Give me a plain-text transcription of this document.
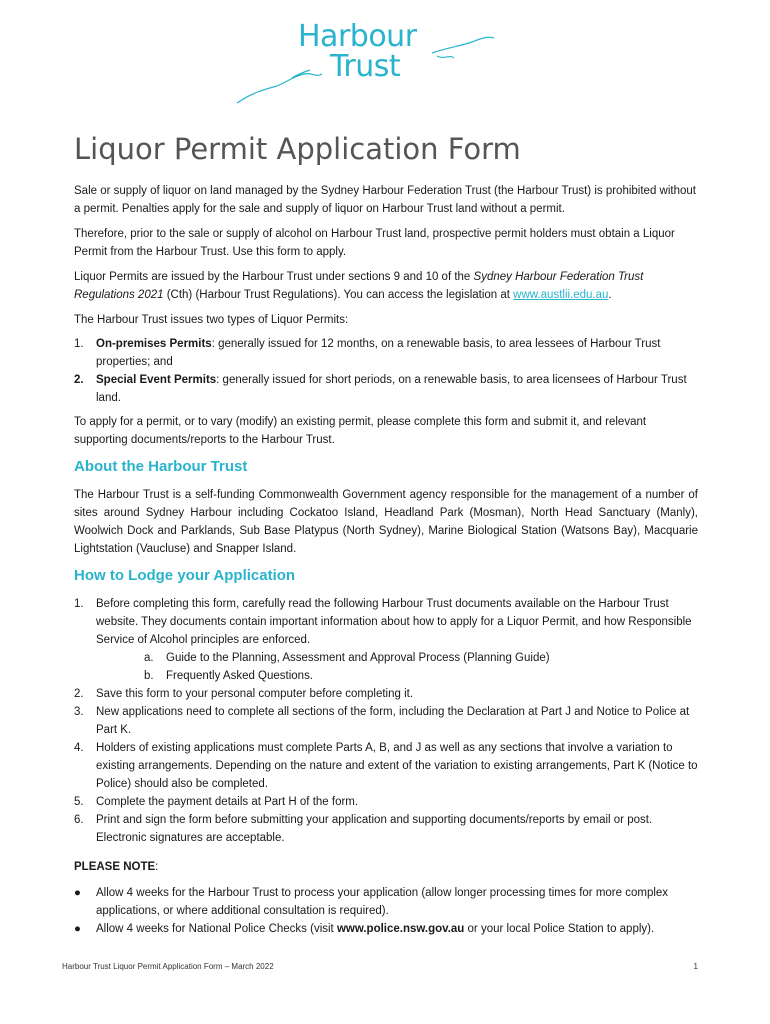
Harbour
Trust
Liquor Permit Application Form
Sale or supply of liquor on land managed by the Sydney Harbour Federation Trust (the Harbour Trust) is prohibited without a permit. Penalties apply for the sale and supply of liquor on Harbour Trust land without a permit.
Therefore, prior to the sale or supply of alcohol on Harbour Trust land, prospective permit holders must obtain a Liquor Permit from the Harbour Trust. Use this form to apply.
Liquor Permits are issued by the Harbour Trust under sections 9 and 10 of the Sydney Harbour Federation Trust Regulations 2021 (Cth) (Harbour Trust Regulations). You can access the legislation at www.austlii.edu.au.
The Harbour Trust issues two types of Liquor Permits:
1.	On-premises Permits: generally issued for 12 months, on a renewable basis, to area lessees of Harbour Trust properties; and
2.	Special Event Permits: generally issued for short periods, on a renewable basis, to area licensees of Harbour Trust land.
To apply for a permit, or to vary (modify) an existing permit, please complete this form and submit it, and relevant supporting documents/reports to the Harbour Trust.
About the Harbour Trust
The Harbour Trust is a self-funding Commonwealth Government agency responsible for the management of a number of sites around Sydney Harbour including Cockatoo Island, Headland Park (Mosman), North Head Sanctuary (Manly), Woolwich Dock and Parklands, Sub Base Platypus (North Sydney), Marine Biological Station (Watsons Bay), Macquarie Lightstation (Vaucluse) and Snapper Island.
How to Lodge your Application
1.	Before completing this form, carefully read the following Harbour Trust documents available on the Harbour Trust website. They documents contain important information about how to apply for a Liquor Permit, and how Responsible Service of Alcohol principles are enforced.
a.	Guide to the Planning, Assessment and Approval Process (Planning Guide)
b.	Frequently Asked Questions.
2.	Save this form to your personal computer before completing it.
3.	New applications need to complete all sections of the form, including the Declaration at Part J and Notice to Police at Part K.
4.	Holders of existing applications must complete Parts A, B, and J as well as any sections that involve a variation to existing arrangements. Depending on the nature and extent of the variation to existing arrangements, Part K (Notice to Police) should also be completed.
5.	Complete the payment details at Part H of the form.
6.	Print and sign the form before submitting your application and supporting documents/reports by email or post. Electronic signatures are acceptable.
PLEASE NOTE:
●	Allow 4 weeks for the Harbour Trust to process your application (allow longer processing times for more complex applications, or where additional consultation is required).
●	Allow 4 weeks for National Police Checks (visit www.police.nsw.gov.au or your local Police Station to apply).
Harbour Trust Liquor Permit Application Form – March 2022	1
